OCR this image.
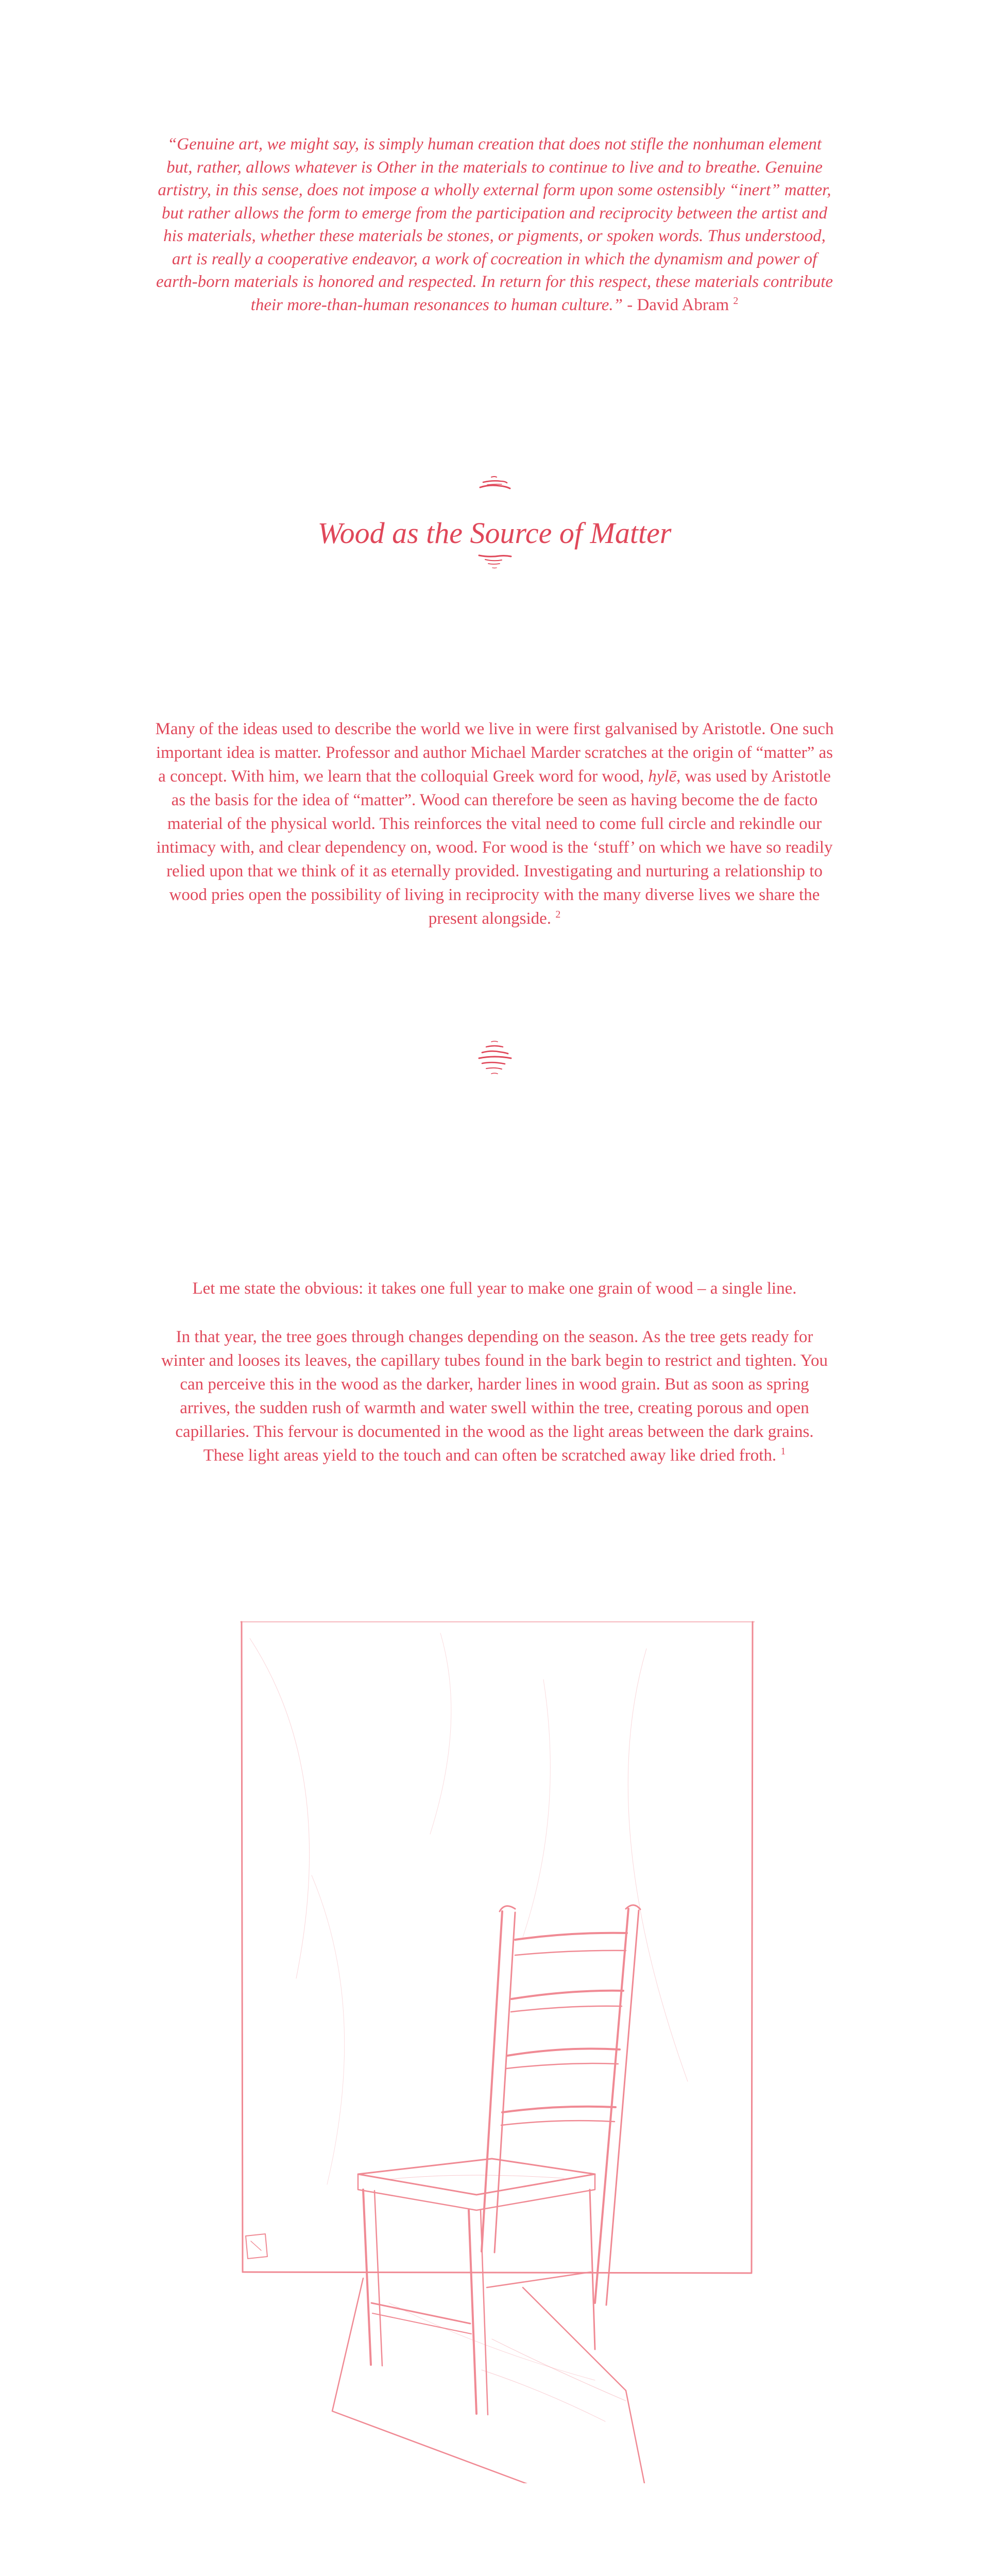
“Genuine art, we might say, is simply human creation that does not stifle the nonhuman element but, rather, allows whatever is Other in the materials to continue to live and to breathe. Genuine artistry, in this sense, does not impose a wholly external form upon some ostensibly “inert” matter, but rather allows the form to emerge from the participation and reciprocity between the artist and his materials, whether these materials be stones, or pigments, or spoken words. Thus understood, art is really a cooperative endeavor, a work of cocreation in which the dynamism and power of earth-born materials is honored and respected. In return for this respect, these materials contribute their more-than-human resonances to human culture.” - David Abram $^2$
Wood as the Source of Matter
Many of the ideas used to describe the world we live in were first galvanised by Aristotle. One such important idea is matter. Professor and author Michael Marder scratches at the origin of “matter” as a concept. With him, we learn that the colloquial Greek word for wood, hylē, was used by Aristotle as the basis for the idea of “matter”. Wood can therefore be seen as having become the de facto material of the physical world. This reinforces the vital need to come full circle and rekindle our intimacy with, and clear dependency on, wood. For wood is the ‘stuff’ on which we have so readily relied upon that we think of it as eternally provided. Investigating and nurturing a relationship to wood pries open the possibility of living in reciprocity with the many diverse lives we share the present alongside. $^2$
Let me state the obvious: it takes one full year to make one grain of wood – a single line.
In that year, the tree goes through changes depending on the season. As the tree gets ready for winter and looses its leaves, the capillary tubes found in the bark begin to restrict and tighten. You can perceive this in the wood as the darker, harder lines in wood grain. But as soon as spring arrives, the sudden rush of warmth and water swell within the tree, creating porous and open capillaries. This fervour is documented in the wood as the light areas between the dark grains. These light areas yield to the touch and can often be scratched away like dried froth. $^1$
